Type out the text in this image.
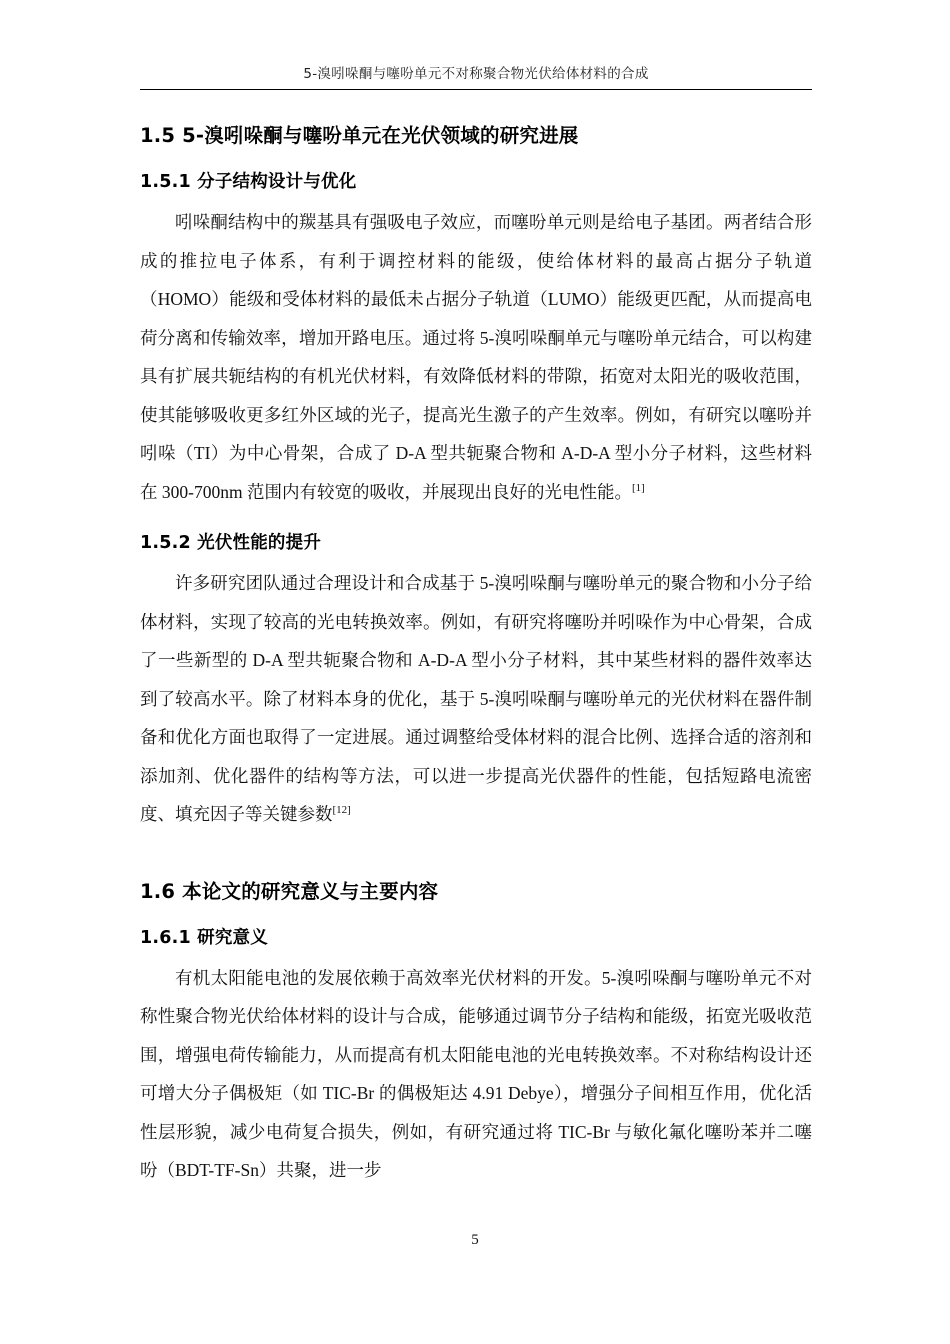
5-溴吲哚酮与噻吩单元不对称聚合物光伏给体材料的合成
1.5 5-溴吲哚酮与噻吩单元在光伏领域的研究进展
1.5.1 分子结构设计与优化

吲哚酮结构中的羰基具有强吸电子效应，而噻吩单元则是给电子基团。两者结合形成的推拉电子体系，有利于调控材料的能级，使给体材料的最高占据分子轨道（HOMO）能级和受体材料的最低未占据分子轨道（LUMO）能级更匹配，从而提高电荷分离和传输效率，增加开路电压。通过将 5-溴吲哚酮单元与噻吩单元结合，可以构建具有扩展共轭结构的有机光伏材料，有效降低材料的带隙，拓宽对太阳光的吸收范围，使其能够吸收更多红外区域的光子，提高光生激子的产生效率。例如，有研究以噻吩并吲哚（TI）为中心骨架，合成了 D-A 型共轭聚合物和 A-D-A 型小分子材料，这些材料在 300-700nm 范围内有较宽的吸收，并展现出良好的光电性能。[1]

1.5.2 光伏性能的提升

许多研究团队通过合理设计和合成基于 5-溴吲哚酮与噻吩单元的聚合物和小分子给体材料，实现了较高的光电转换效率。例如，有研究将噻吩并吲哚作为中心骨架，合成了一些新型的 D-A 型共轭聚合物和 A-D-A 型小分子材料，其中某些材料的器件效率达到了较高水平。除了材料本身的优化，基于 5-溴吲哚酮与噻吩单元的光伏材料在器件制备和优化方面也取得了一定进展。通过调整给受体材料的混合比例、选择合适的溶剂和添加剂、优化器件的结构等方法，可以进一步提高光伏器件的性能，包括短路电流密度、填充因子等关键参数[12]

1.6 本论文的研究意义与主要内容
1.6.1 研究意义

有机太阳能电池的发展依赖于高效率光伏材料的开发。5-溴吲哚酮与噻吩单元不对称性聚合物光伏给体材料的设计与合成，能够通过调节分子结构和能级，拓宽光吸收范围，增强电荷传输能力，从而提高有机太阳能电池的光电转换效率。不对称结构设计还可增大分子偶极矩（如 TIC-Br 的偶极矩达 4.91 Debye），增强分子间相互作用，优化活性层形貌，减少电荷复合损失，例如，有研究通过将 TIC-Br 与敏化氟化噻吩苯并二噻吩（BDT-TF-Sn）共聚，进一步

5
